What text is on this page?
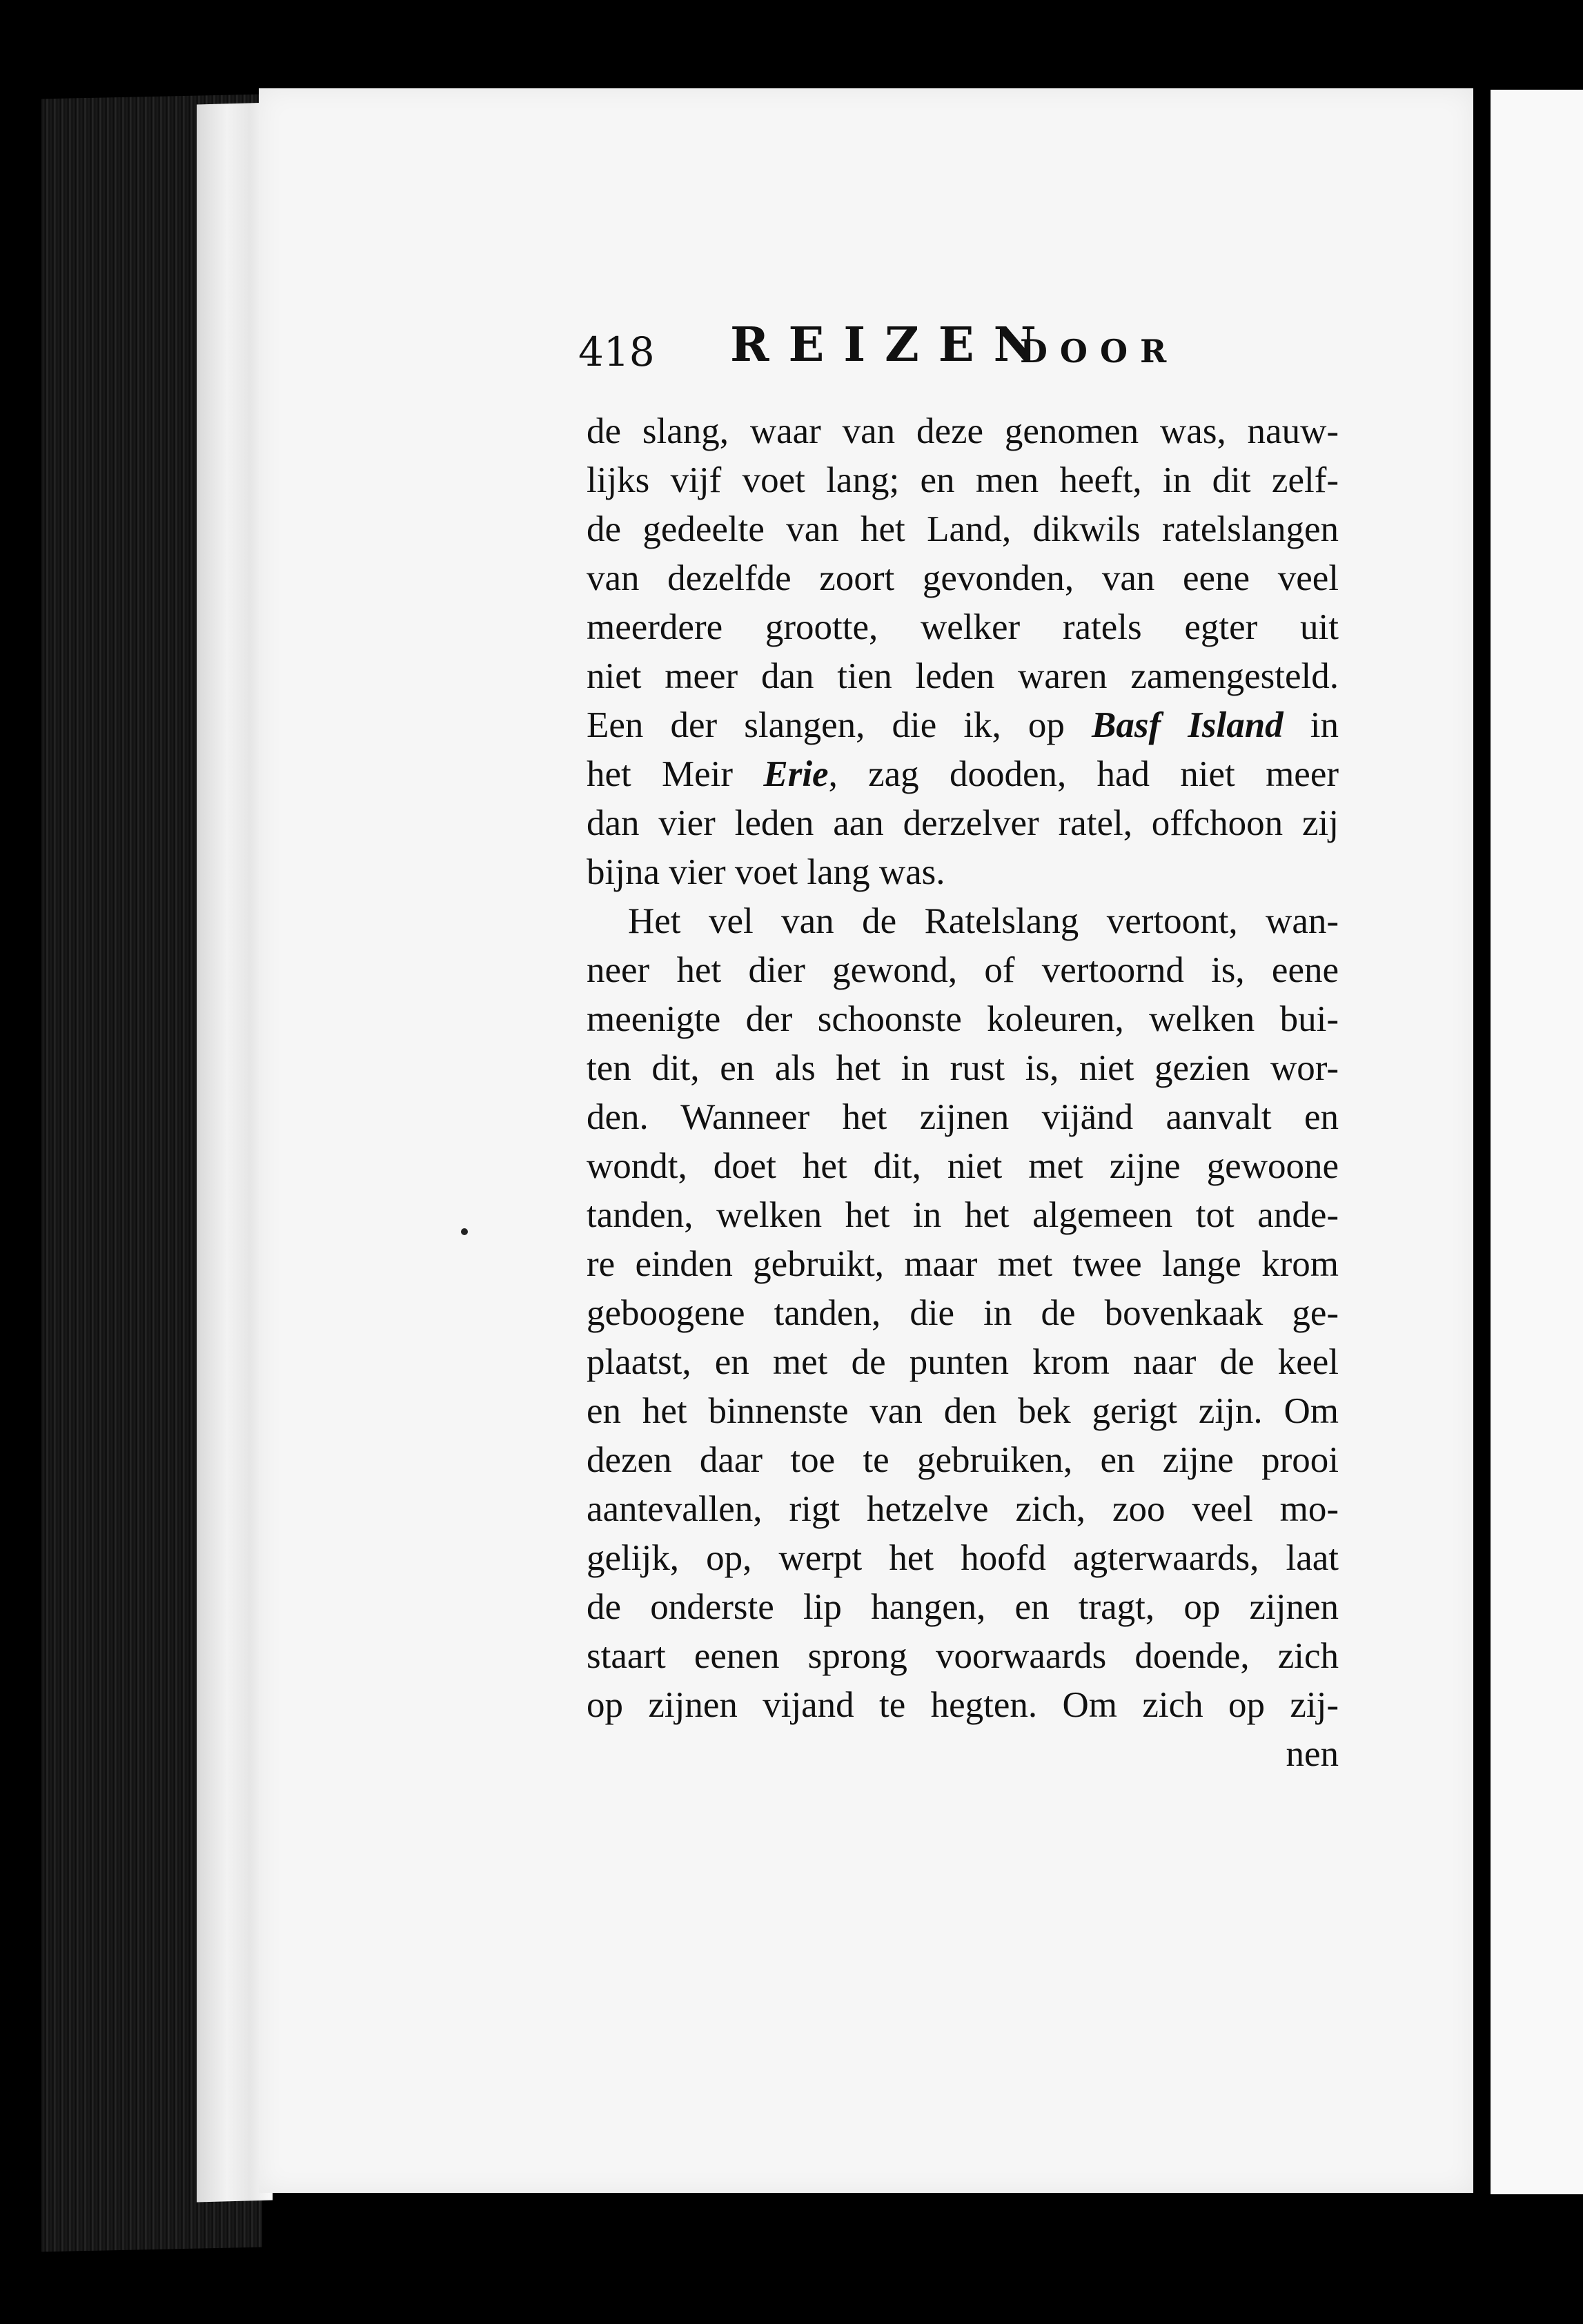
418 REIZEN
DOOR
de slang, waar van deze genomen was, nauw-
lijks vijf voet lang; en men heeft, in dit zelf-
de gedeelte van het Land, dikwils ratelslangen
van dezelfde zoort gevonden, van eene veel
meerdere grootte, welker ratels egter uit
niet meer dan tien leden waren zamengesteld.
Een der slangen, die ik, op Basf Island in
het Meir Erie, zag dooden, had niet meer
dan vier leden aan derzelver ratel, offchoon zij
bijna vier voet lang was.
Het vel van de Ratelslang vertoont, wan-
neer het dier gewond, of vertoornd is, eene
meenigte der schoonste koleuren, welken bui-
ten dit, en als het in rust is, niet gezien wor-
den. Wanneer het zijnen vijänd aanvalt en
wondt, doet het dit, niet met zijne gewoone
tanden, welken het in het algemeen tot ande-
re einden gebruikt, maar met twee lange krom
geboogene tanden, die in de bovenkaak ge-
plaatst, en met de punten krom naar de keel
en het binnenste van den bek gerigt zijn. Om
dezen daar toe te gebruiken, en zijne prooi
aantevallen, rigt hetzelve zich, zoo veel mo-
gelijk, op, werpt het hoofd agterwaards, laat
de onderste lip hangen, en tragt, op zijnen
staart eenen sprong voorwaards doende, zich
op zijnen vijand te hegten. Om zich op zij-
nen
